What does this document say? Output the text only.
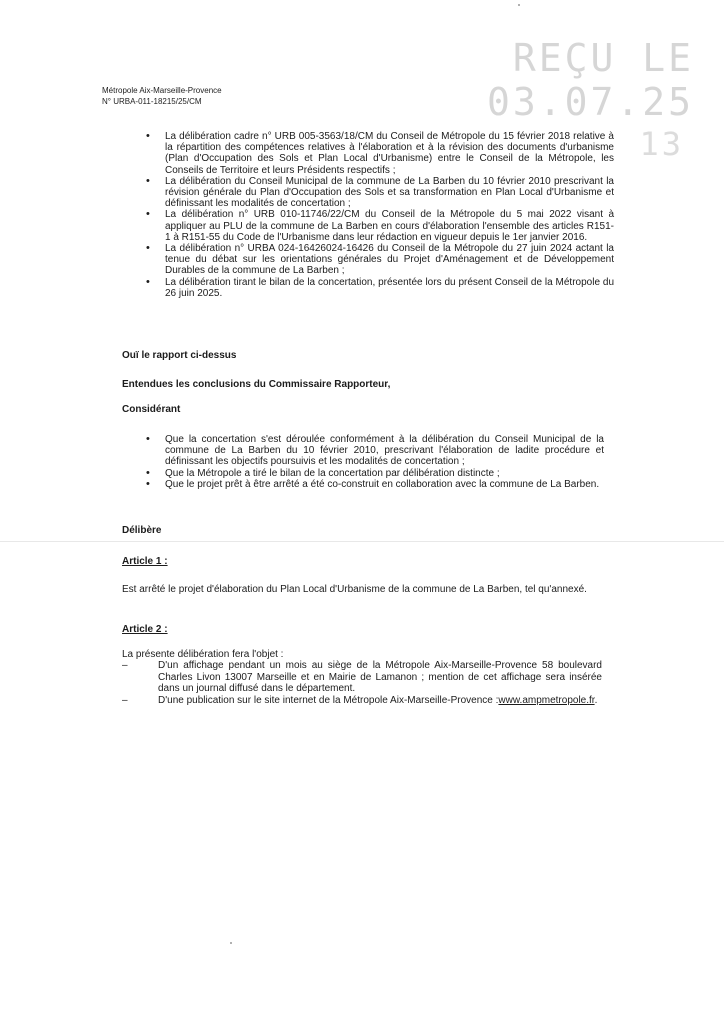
REÇU LE
03.07.25
13
Métropole Aix-Marseille-Provence
N° URBA-011-18215/25/CM
• La délibération cadre n° URB 005-3563/18/CM du Conseil de Métropole du 15 février 2018 relative à la répartition des compétences relatives à l'élaboration et à la révision des documents d'urbanisme (Plan d'Occupation des Sols et Plan Local d'Urbanisme) entre le Conseil de la Métropole, les Conseils de Territoire et leurs Présidents respectifs ;
• La délibération du Conseil Municipal de la commune de La Barben du 10 février 2010 prescrivant la révision générale du Plan d'Occupation des Sols et sa transformation en Plan Local d'Urbanisme et définissant les modalités de concertation ;
• La délibération n° URB 010-11746/22/CM du Conseil de la Métropole du 5 mai 2022 visant à appliquer au PLU de la commune de La Barben en cours d'élaboration l'ensemble des articles R151-1 à R151-55 du Code de l'Urbanisme dans leur rédaction en vigueur depuis le 1er janvier 2016.
• La délibération n° URBA 024-16426024-16426 du Conseil de la Métropole du 27 juin 2024 actant la tenue du débat sur les orientations générales du Projet d'Aménagement et de Développement Durables de la commune de La Barben ;
• La délibération tirant le bilan de la concertation, présentée lors du présent Conseil de la Métropole du 26 juin 2025.
Ouï le rapport ci-dessus
Entendues les conclusions du Commissaire Rapporteur,
Considérant
• Que la concertation s'est déroulée conformément à la délibération du Conseil Municipal de la commune de La Barben du 10 février 2010, prescrivant l'élaboration de ladite procédure et définissant les objectifs poursuivis et les modalités de concertation ;
• Que la Métropole a tiré le bilan de la concertation par délibération distincte ;
• Que le projet prêt à être arrêté a été co-construit en collaboration avec la commune de La Barben.
Délibère
Article 1 :
Est arrêté le projet d'élaboration du Plan Local d'Urbanisme de la commune de La Barben, tel qu'annexé.
Article 2 :
La présente délibération fera l'objet :
–	D'un affichage pendant un mois au siège de la Métropole Aix-Marseille-Provence 58 boulevard Charles Livon 13007 Marseille et en Mairie de Lamanon ; mention de cet affichage sera insérée dans un journal diffusé dans le département.
–	D'une publication sur le site internet de la Métropole Aix-Marseille-Provence :www.ampmetropole.fr.
